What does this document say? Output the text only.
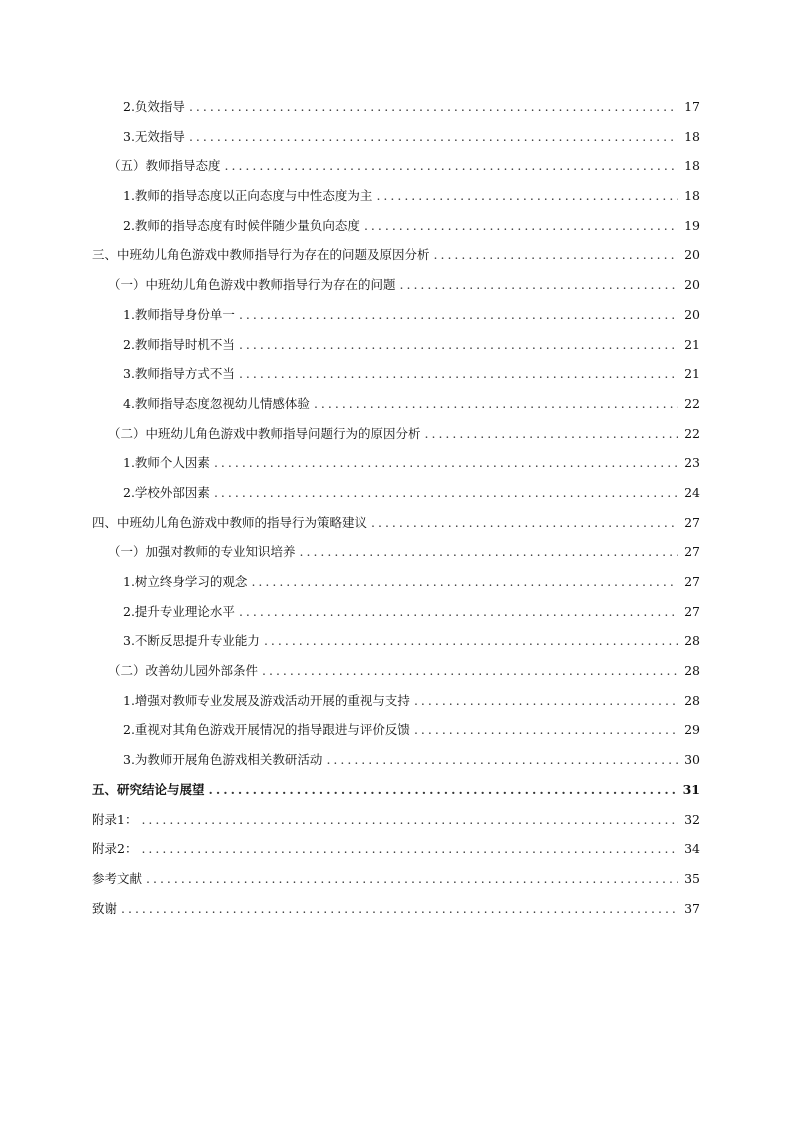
2.负效指导 .....	17
3.无效指导 .....	18
（五）教师指导态度 .....	18
1.教师的指导态度以正向态度与中性态度为主 .....	18
2.教师的指导态度有时候伴随少量负向态度 .....	19
三、中班幼儿角色游戏中教师指导行为存在的问题及原因分析 .....	20
（一）中班幼儿角色游戏中教师指导行为存在的问题 .....	20
1.教师指导身份单一 .....	20
2.教师指导时机不当 .....	21
3.教师指导方式不当 .....	21
4.教师指导态度忽视幼儿情感体验 .....	22
（二）中班幼儿角色游戏中教师指导问题行为的原因分析 .....	22
1.教师个人因素 .....	23
2.学校外部因素 .....	24
四、中班幼儿角色游戏中教师的指导行为策略建议 .....	27
（一）加强对教师的专业知识培养 .....	27
1.树立终身学习的观念 .....	27
2.提升专业理论水平 .....	27
3.不断反思提升专业能力 .....	28
（二）改善幼儿园外部条件 .....	28
1.增强对教师专业发展及游戏活动开展的重视与支持 .....	28
2.重视对其角色游戏开展情况的指导跟进与评价反馈 .....	29
3.为教师开展角色游戏相关教研活动 .....	30
五、研究结论与展望 .....	31
附录1： .....	32
附录2： .....	34
参考文献 .....	35
致谢 .....	37
